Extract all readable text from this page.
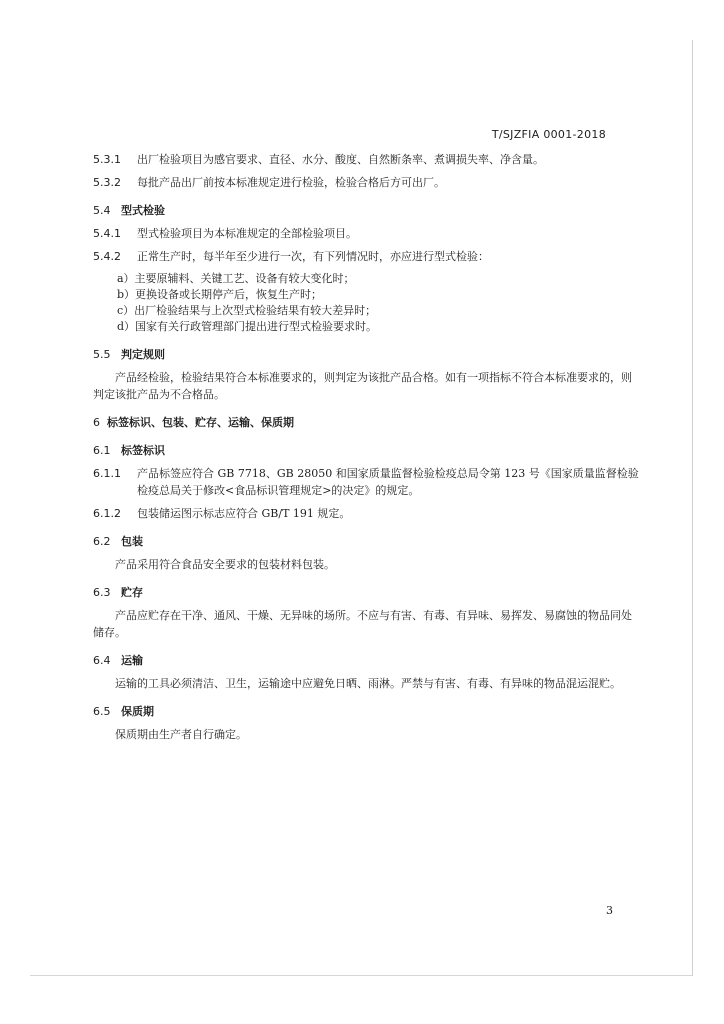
T/SJZFIA 0001-2018
5.3.1	出厂检验项目为感官要求、直径、水分、酸度、自然断条率、煮调损失率、净含量。
5.3.2	每批产品出厂前按本标准规定进行检验，检验合格后方可出厂。
5.4 型式检验
5.4.1	型式检验项目为本标准规定的全部检验项目。
5.4.2	正常生产时，每半年至少进行一次，有下列情况时，亦应进行型式检验：
a）主要原辅料、关键工艺、设备有较大变化时；
b）更换设备或长期停产后，恢复生产时；
c）出厂检验结果与上次型式检验结果有较大差异时；
d）国家有关行政管理部门提出进行型式检验要求时。
5.5 判定规则
产品经检验，检验结果符合本标准要求的，则判定为该批产品合格。如有一项指标不符合本标准要求的，则判定该批产品为不合格品。
6 标签标识、包装、贮存、运输、保质期
6.1 标签标识
6.1.1	产品标签应符合 GB 7718、GB 28050 和国家质量监督检验检疫总局令第 123 号《国家质量监督检验检疫总局关于修改<食品标识管理规定>的决定》的规定。
6.1.2	包装储运图示标志应符合 GB/T 191 规定。
6.2 包装
产品采用符合食品安全要求的包装材料包装。
6.3 贮存
产品应贮存在干净、通风、干燥、无异味的场所。不应与有害、有毒、有异味、易挥发、易腐蚀的物品同处储存。
6.4 运输
运输的工具必须清洁、卫生，运输途中应避免日晒、雨淋。严禁与有害、有毒、有异味的物品混运混贮。
6.5 保质期
保质期由生产者自行确定。
3
